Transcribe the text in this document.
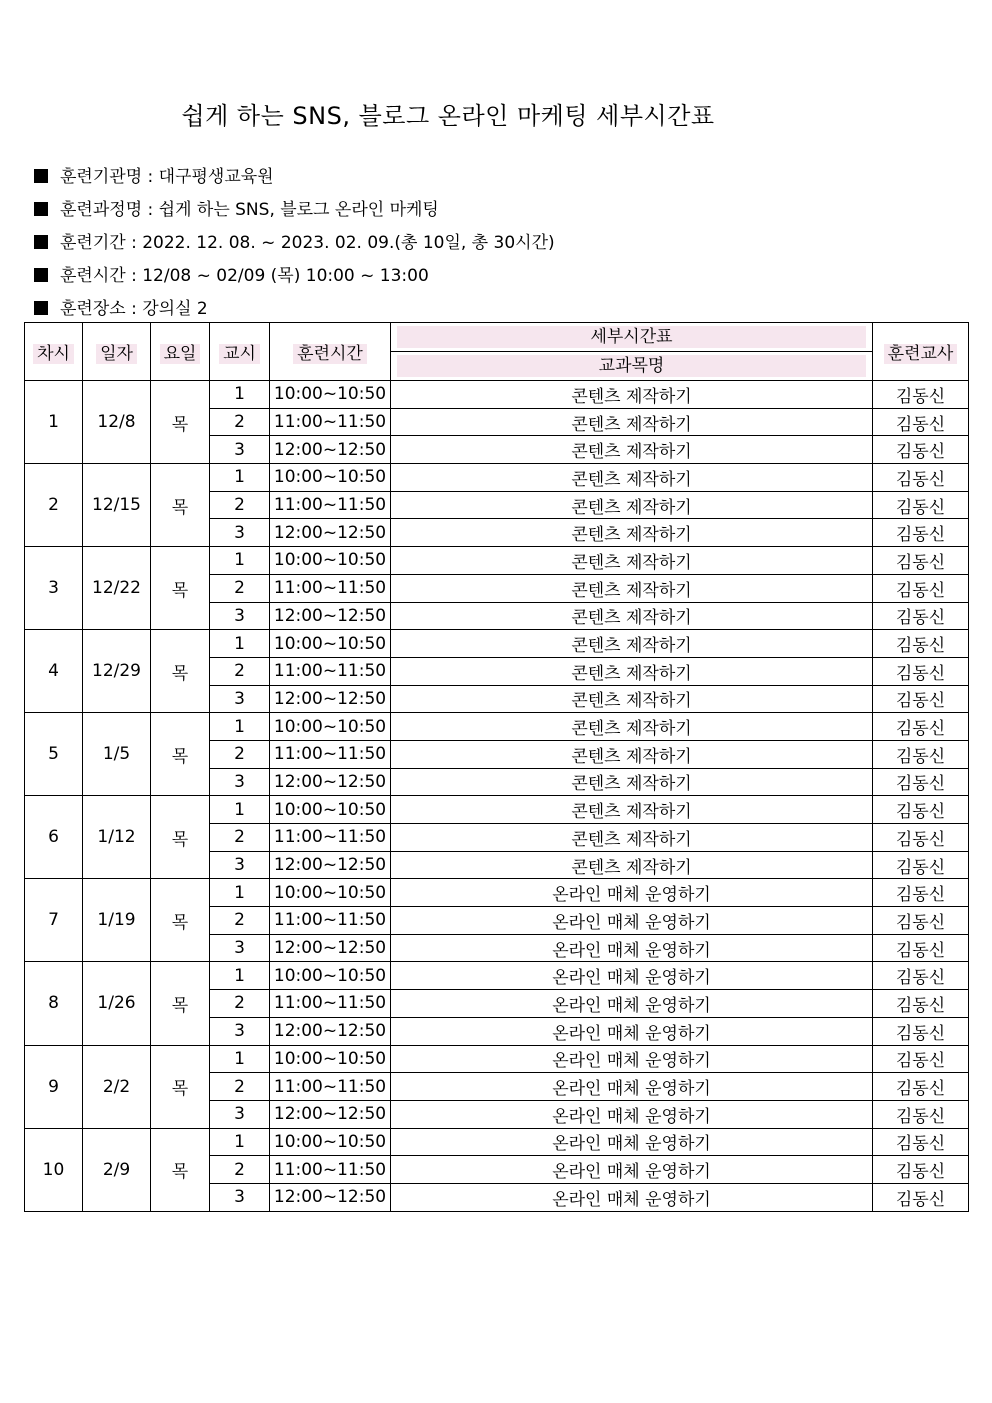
쉽게 하는 SNS, 블로그 온라인 마케팅 세부시간표
훈련기관명 : 대구평생교육원
훈련과정명 : 쉽게 하는 SNS, 블로그 온라인 마케팅
훈련기간 : 2022. 12. 08. ~ 2023. 02. 09.(총 10일, 총 30시간)
훈련시간 : 12/08 ~ 02/09 (목) 10:00 ~ 13:00
훈련장소 : 강의실 2
차시	일자	요일	교시	훈련시간	세부시간표	훈련교사

					교과목명	

1	12/8	목	1	10:00~10:50	콘텐츠 제작하기	김동신
			2	11:00~11:50	콘텐츠 제작하기	김동신
			3	12:00~12:50	콘텐츠 제작하기	김동신
2	12/15	목	1	10:00~10:50	콘텐츠 제작하기	김동신
			2	11:00~11:50	콘텐츠 제작하기	김동신
			3	12:00~12:50	콘텐츠 제작하기	김동신
3	12/22	목	1	10:00~10:50	콘텐츠 제작하기	김동신
			2	11:00~11:50	콘텐츠 제작하기	김동신
			3	12:00~12:50	콘텐츠 제작하기	김동신
4	12/29	목	1	10:00~10:50	콘텐츠 제작하기	김동신
			2	11:00~11:50	콘텐츠 제작하기	김동신
			3	12:00~12:50	콘텐츠 제작하기	김동신
5	1/5	목	1	10:00~10:50	콘텐츠 제작하기	김동신
			2	11:00~11:50	콘텐츠 제작하기	김동신
			3	12:00~12:50	콘텐츠 제작하기	김동신
6	1/12	목	1	10:00~10:50	콘텐츠 제작하기	김동신
			2	11:00~11:50	콘텐츠 제작하기	김동신
			3	12:00~12:50	콘텐츠 제작하기	김동신
7	1/19	목	1	10:00~10:50	온라인 매체 운영하기	김동신
			2	11:00~11:50	온라인 매체 운영하기	김동신
			3	12:00~12:50	온라인 매체 운영하기	김동신
8	1/26	목	1	10:00~10:50	온라인 매체 운영하기	김동신
			2	11:00~11:50	온라인 매체 운영하기	김동신
			3	12:00~12:50	온라인 매체 운영하기	김동신
9	2/2	목	1	10:00~10:50	온라인 매체 운영하기	김동신
			2	11:00~11:50	온라인 매체 운영하기	김동신
			3	12:00~12:50	온라인 매체 운영하기	김동신
10	2/9	목	1	10:00~10:50	온라인 매체 운영하기	김동신
			2	11:00~11:50	온라인 매체 운영하기	김동신
			3	12:00~12:50	온라인 매체 운영하기	김동신
